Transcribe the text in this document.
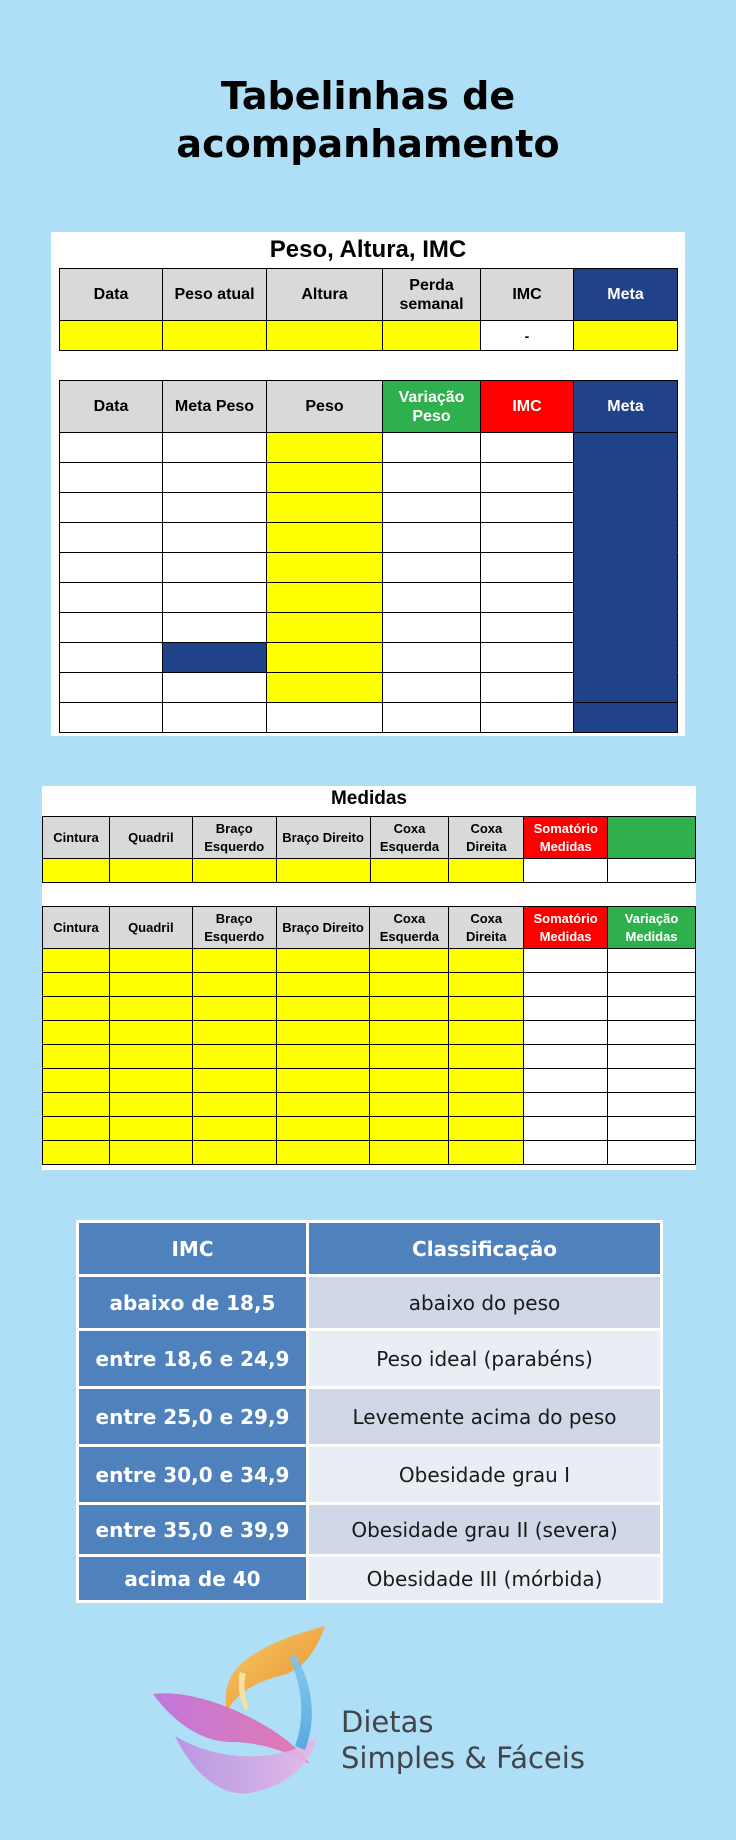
Tabelinhas de
acompanhamento
Peso, Altura, IMC
Data	Peso atual	Altura	Perda semanal	IMC	Meta
				-	
Data	Meta Peso	Peso	Variação Peso	IMC	Meta

Medidas
Cintura	Quadril	Braço Esquerdo	Braço Direito	Coxa Esquerda	Coxa Direita	Somatório Medidas	

Cintura	Quadril	Braço Esquerdo	Braço Direito	Coxa Esquerda	Coxa Direita	Somatório Medidas	Variação Medidas

IMC	Classificação
abaixo de 18,5	abaixo do peso
entre 18,6 e 24,9	Peso ideal (parabéns)
entre 25,0 e 29,9	Levemente acima do peso
entre 30,0 e 34,9	Obesidade grau I
entre 35,0 e 39,9	Obesidade grau II (severa)
acima de 40	Obesidade III (mórbida)
Dietas
Simples & Fáceis
